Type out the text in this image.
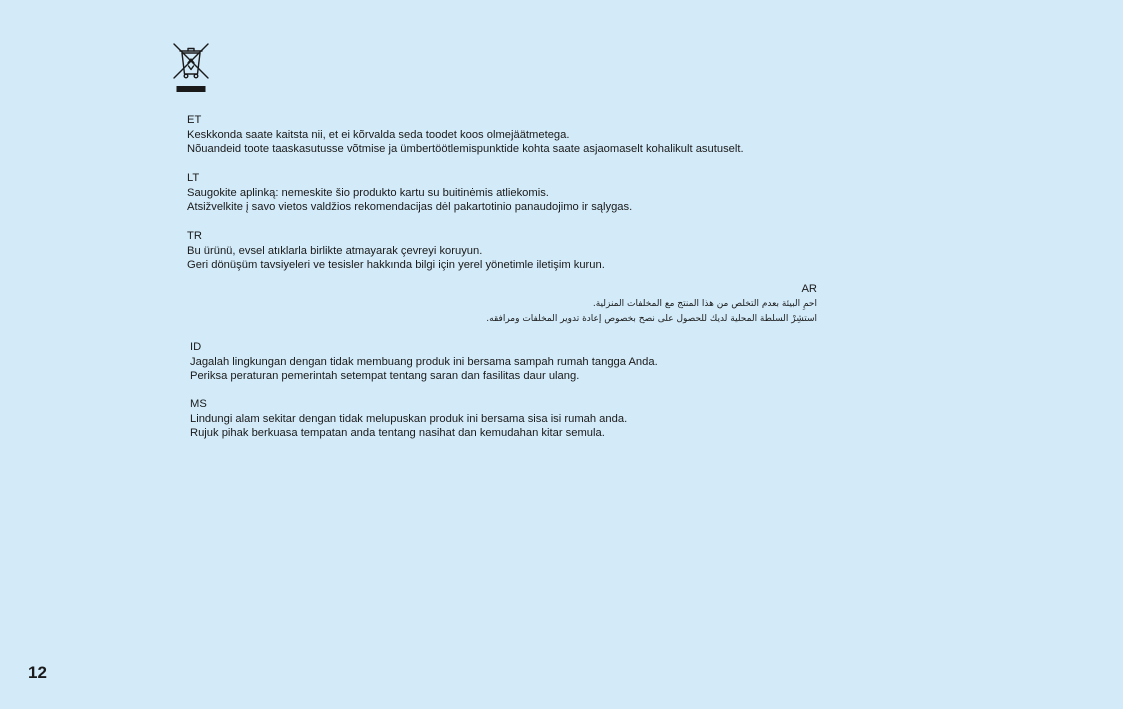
ET
Keskkonda saate kaitsta nii, et ei kõrvalda seda toodet koos olmejäätmetega.
Nõuandeid toote taaskasutusse võtmise ja ümbertöötlemispunktide kohta saate asjaomaselt kohalikult asutuselt.
LT
Saugokite aplinką: nemeskite šio produkto kartu su buitinėmis atliekomis.
Atsižvelkite į savo vietos valdžios rekomendacijas dėl pakartotinio panaudojimo ir sąlygas.
TR
Bu ürünü, evsel atıklarla birlikte atmayarak çevreyi koruyun.
Geri dönüşüm tavsiyeleri ve tesisler hakkında bilgi için yerel yönetimle iletişim kurun.
AR
احمِ البيئة بعدم التخلص من هذا المنتج مع المخلفات المنزلية.
استشِرْ السلطة المحلية لديك للحصول على نصح بخصوص إعادة تدوير المخلفات ومرافقه.
ID
Jagalah lingkungan dengan tidak membuang produk ini bersama sampah rumah tangga Anda.
Periksa peraturan pemerintah setempat tentang saran dan fasilitas daur ulang.
MS
Lindungi alam sekitar dengan tidak melupuskan produk ini bersama sisa isi rumah anda.
Rujuk pihak berkuasa tempatan anda tentang nasihat dan kemudahan kitar semula.
12
